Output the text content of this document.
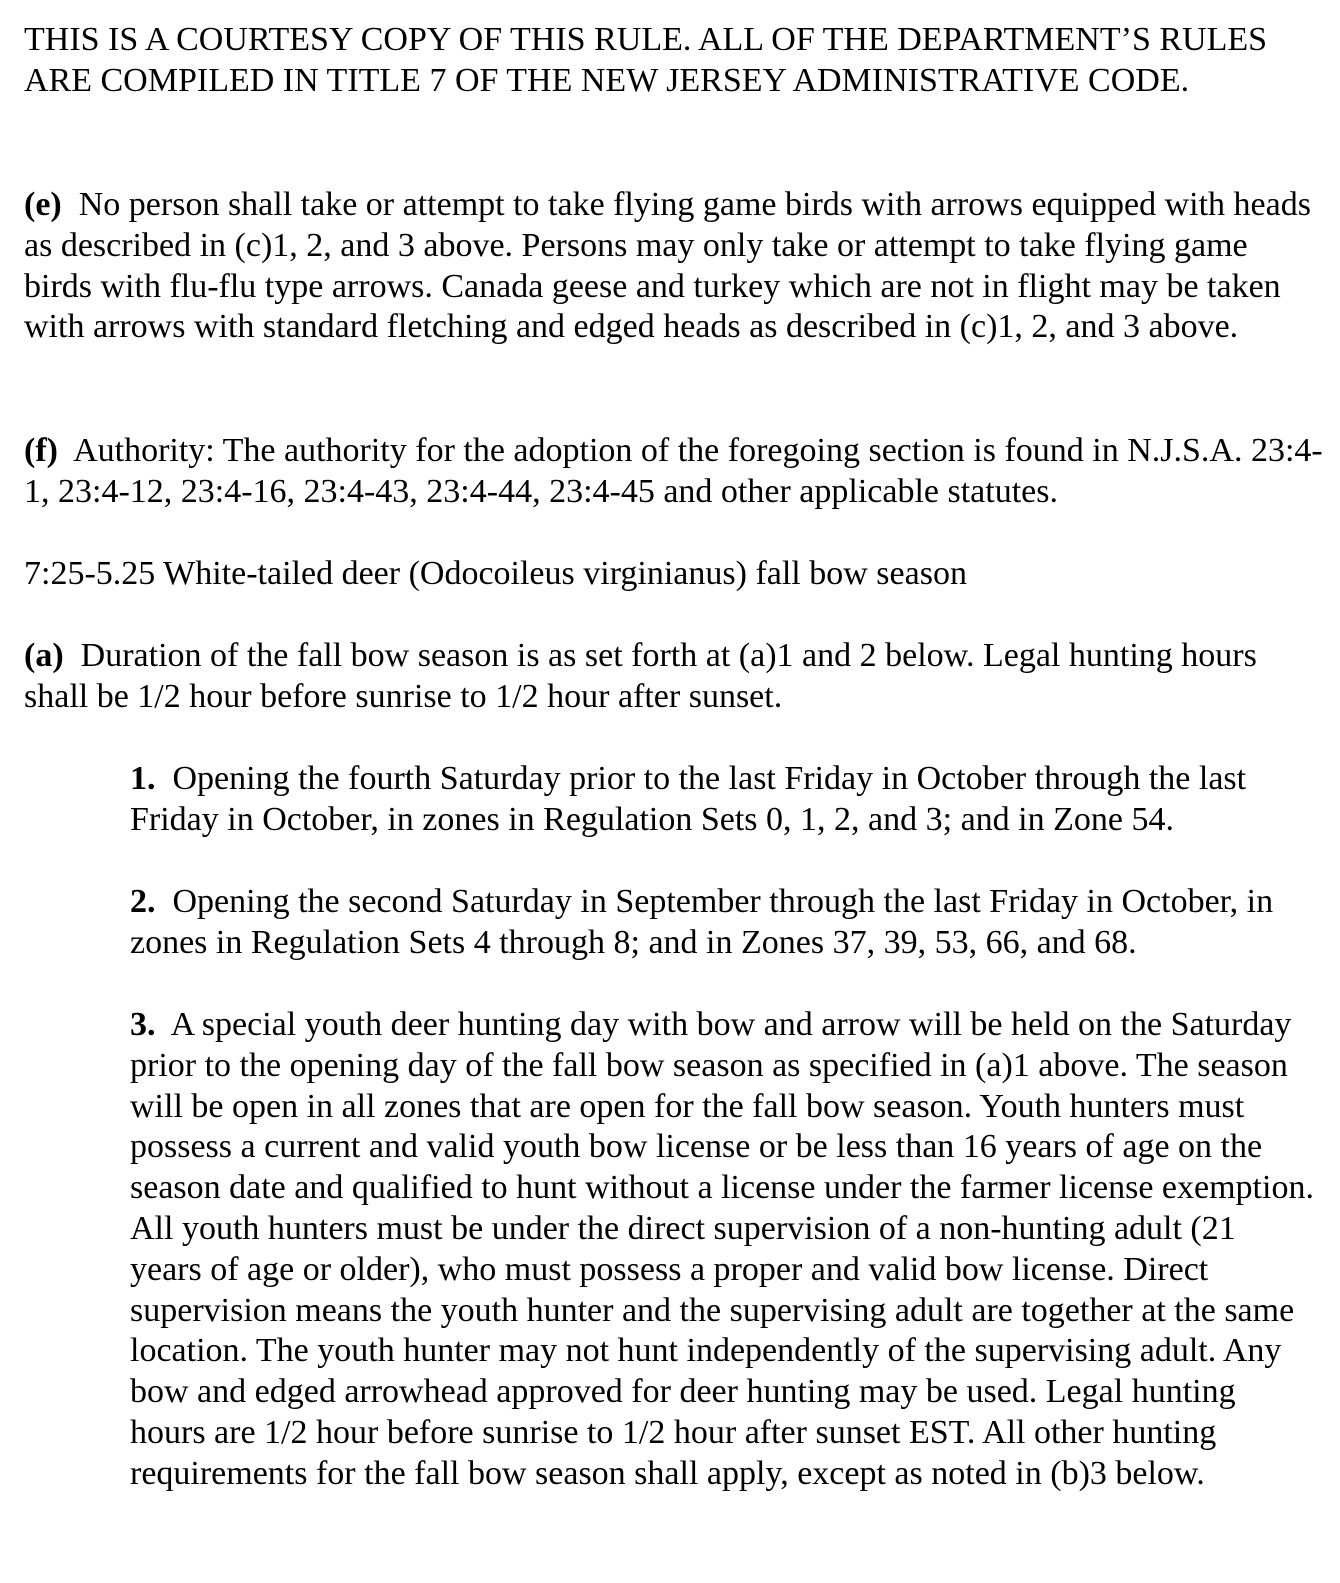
THIS IS A COURTESY COPY OF THIS RULE. ALL OF THE DEPARTMENT’S RULES ARE COMPILED IN TITLE 7 OF THE NEW JERSEY ADMINISTRATIVE CODE.

(e) No person shall take or attempt to take flying game birds with arrows equipped with heads as described in (c)1, 2, and 3 above. Persons may only take or attempt to take flying game birds with flu-flu type arrows. Canada geese and turkey which are not in flight may be taken with arrows with standard fletching and edged heads as described in (c)1, 2, and 3 above.

(f) Authority: The authority for the adoption of the foregoing section is found in N.J.S.A. 23:4-1, 23:4-12, 23:4-16, 23:4-43, 23:4-44, 23:4-45 and other applicable statutes.

7:25-5.25 White-tailed deer (Odocoileus virginianus) fall bow season

(a) Duration of the fall bow season is as set forth at (a)1 and 2 below. Legal hunting hours shall be 1/2 hour before sunrise to 1/2 hour after sunset.

1. Opening the fourth Saturday prior to the last Friday in October through the last Friday in October, in zones in Regulation Sets 0, 1, 2, and 3; and in Zone 54.

2. Opening the second Saturday in September through the last Friday in October, in zones in Regulation Sets 4 through 8; and in Zones 37, 39, 53, 66, and 68.

3. A special youth deer hunting day with bow and arrow will be held on the Saturday prior to the opening day of the fall bow season as specified in (a)1 above. The season will be open in all zones that are open for the fall bow season. Youth hunters must possess a current and valid youth bow license or be less than 16 years of age on the season date and qualified to hunt without a license under the farmer license exemption. All youth hunters must be under the direct supervision of a non-hunting adult (21 years of age or older), who must possess a proper and valid bow license. Direct supervision means the youth hunter and the supervising adult are together at the same location. The youth hunter may not hunt independently of the supervising adult. Any bow and edged arrowhead approved for deer hunting may be used. Legal hunting hours are 1/2 hour before sunrise to 1/2 hour after sunset EST. All other hunting requirements for the fall bow season shall apply, except as noted in (b)3 below.
